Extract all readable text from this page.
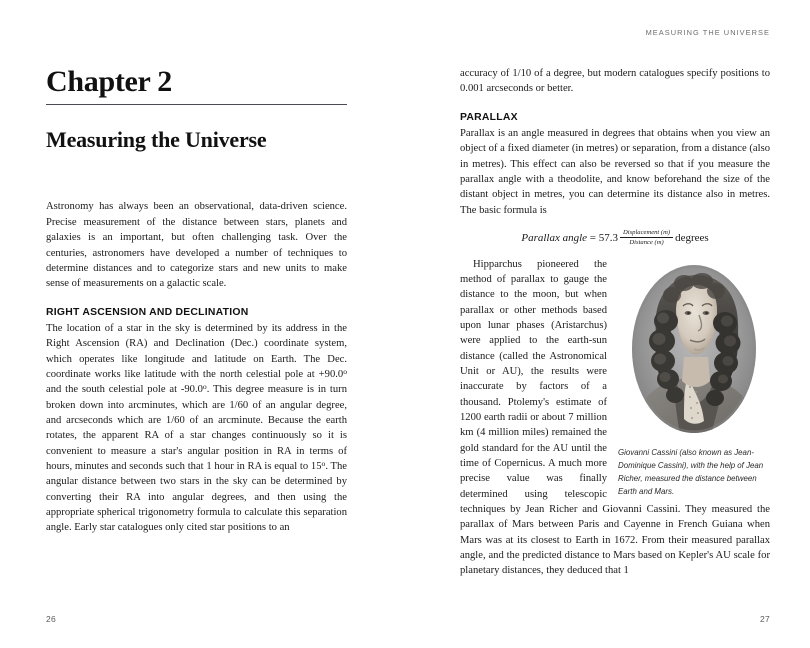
Chapter 2
Measuring the Universe

Astronomy has always been an observational, data-driven science. Precise measurement of the distance between stars, planets and galaxies is an important, but often challenging task. Over the centuries, astronomers have developed a number of techniques to determine distances and to categorize stars and new units to make sense of measurements on a galactic scale.

RIGHT ASCENSION AND DECLINATION

The location of a star in the sky is determined by its address in the Right Ascension (RA) and Declination (Dec.) coordinate system, which operates like longitude and latitude on Earth. The Dec. coordinate works like latitude with the north celestial pole at $+90.0^o$ and the south celestial pole at -90.0$^o$. This degree measure is in turn broken down into arcminutes, which are 1/60 of an angular degree, and arcseconds which are 1/60 of an arcminute. Because the earth rotates, the apparent RA of a star changes continuously so it is convenient to measure a star's angular position in RA in terms of hours, minutes and seconds such that 1 hour in RA is equal to 15$^o$. The angular distance between two stars in the sky can be determined by converting their RA into angular degrees, and then using the appropriate spherical trigonometry formula to calculate this separation angle. Early star catalogues only cited star positions to an

26
MEASURING THE UNIVERSE

accuracy of 1/10 of a degree, but modern catalogues specify positions to 0.001 arcseconds or better.

PARALLAX

Parallax is an angle measured in degrees that obtains when you view an object of a fixed diameter (in metres) or separation, from a distance (also in metres). This effect can also be reversed so that if you measure the parallax angle with a theodolite, and know beforehand the size of the distant object in metres, you can determine its distance also in metres. The basic formula is

Parallax angle = $57.3 \frac{\text{Displacement (m)}}{\text{Distance (m)}}$ degrees
Giovanni Cassini (also known as Jean-Dominique Cassini), with the help of Jean Richer, measured the distance between Earth and Mars.

Hipparchus pioneered the method of parallax to gauge the distance to the moon, but when parallax or other methods based upon lunar phases (Aristarchus) were applied to the earth-sun distance (called the Astronomical Unit or AU), the results were inaccurate by factors of a thousand. Ptolemy's estimate of 1200 earth radii or about 7 million km (4 million miles) remained the gold standard for the AU until the time of Copernicus. A much more precise value was finally determined using telescopic techniques by Jean Richer and Giovanni Cassini. They measured the parallax of Mars between Paris and Cayenne in French Guiana when Mars was at its closest to Earth in 1672. From their measured parallax angle, and the predicted distance to Mars based on Kepler's AU scale for planetary distances, they deduced that 1

27
